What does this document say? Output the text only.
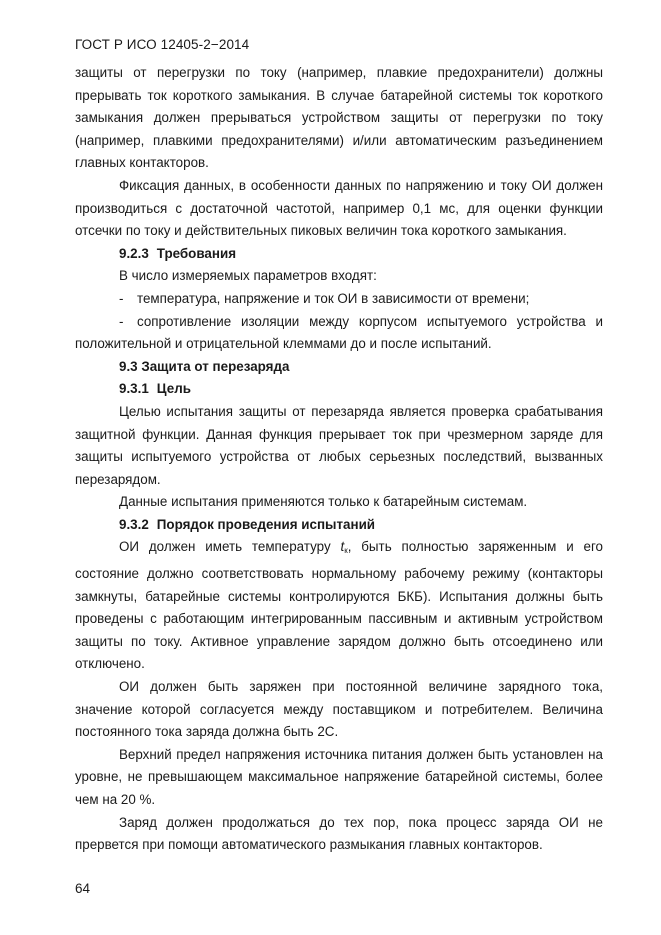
ГОСТ Р ИСО 12405-2−2014

защиты от перегрузки по току (например, плавкие предохранители) должны прерывать ток короткого замыкания. В случае батарейной системы ток короткого замыкания должен прерываться устройством защиты от перегрузки по току (например, плавкими предохранителями) и/или автоматическим разъединением главных контакторов.

Фиксация данных, в особенности данных по напряжению и току ОИ должен производиться с достаточной частотой, например 0,1 мс, для оценки функции отсечки по току и действительных пиковых величин тока короткого замыкания.

9.2.3 Требования

В число измеряемых параметров входят:

- температура, напряжение и ток ОИ в зависимости от времени;

- сопротивление изоляции между корпусом испытуемого устройства и положительной и отрицательной клеммами до и после испытаний.

9.3 Защита от перезаряда

9.3.1 Цель

Целью испытания защиты от перезаряда является проверка срабатывания защитной функции. Данная функция прерывает ток при чрезмерном заряде для защиты испытуемого устройства от любых серьезных последствий, вызванных перезарядом.

Данные испытания применяются только к батарейным системам.

9.3.2 Порядок проведения испытаний

ОИ должен иметь температуру $t_к$, быть полностью заряженным и его состояние должно соответствовать нормальному рабочему режиму (контакторы замкнуты, батарейные системы контролируются БКБ). Испытания должны быть проведены с работающим интегрированным пассивным и активным устройством защиты по току. Активное управление зарядом должно быть отсоединено или отключено.

ОИ должен быть заряжен при постоянной величине зарядного тока, значение которой согласуется между поставщиком и потребителем. Величина постоянного тока заряда должна быть 2С.

Верхний предел напряжения источника питания должен быть установлен на уровне, не превышающем максимальное напряжение батарейной системы, более чем на 20 %.

Заряд должен продолжаться до тех пор, пока процесс заряда ОИ не прервется при помощи автоматического размыкания главных контакторов.

64
